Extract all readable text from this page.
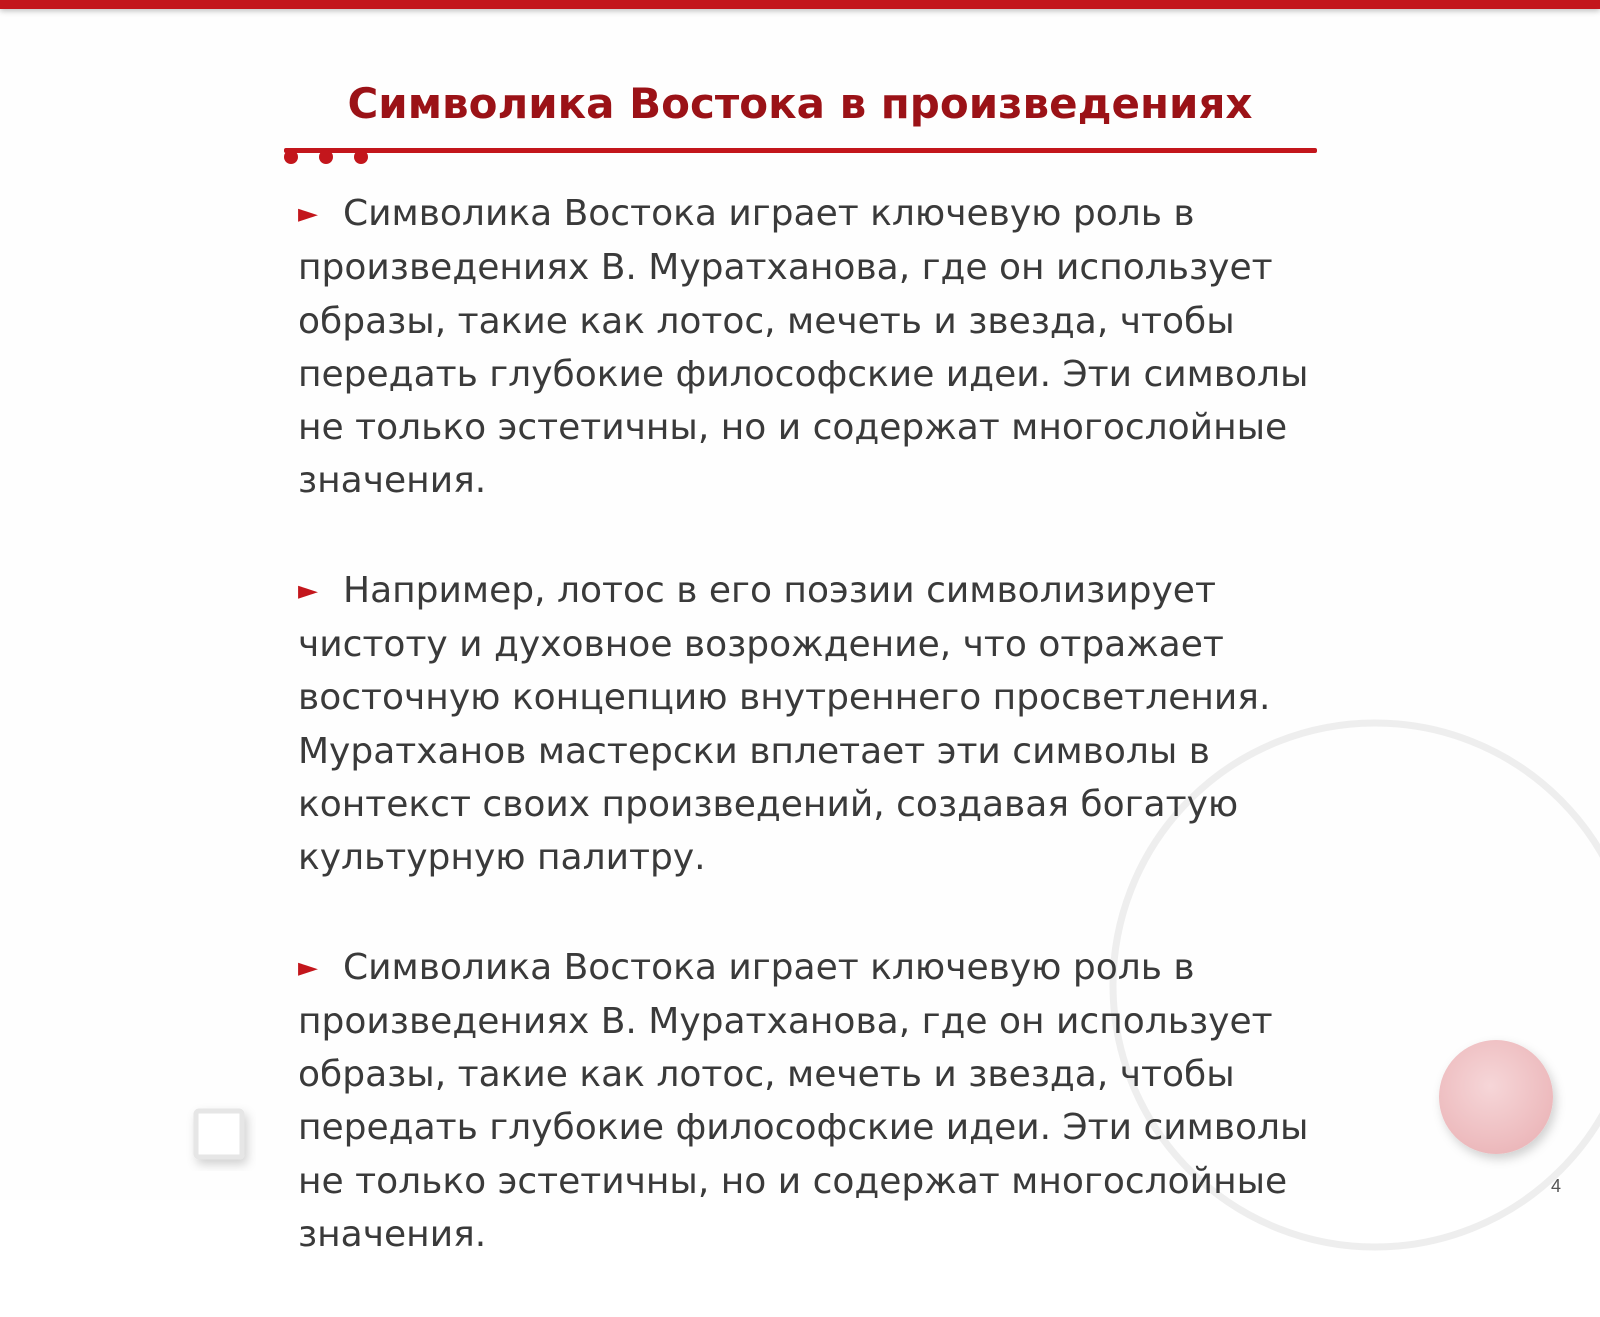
Символика Востока в произведениях

► Символика Востока играет ключевую роль в произведениях В. Муратханова, где он использует образы, такие как лотос, мечеть и звезда, чтобы передать глубокие философские идеи. Эти символы не только эстетичны, но и содержат многослойные значения.

► Например, лотос в его поэзии символизирует чистоту и духовное возрождение, что отражает восточную концепцию внутреннего просветления. Муратханов мастерски вплетает эти символы в контекст своих произведений, создавая богатую культурную палитру.

► Символика Востока играет ключевую роль в произведениях В. Муратханова, где он использует образы, такие как лотос, мечеть и звезда, чтобы передать глубокие философские идеи. Эти символы не только эстетичны, но и содержат многослойные значения.

4
